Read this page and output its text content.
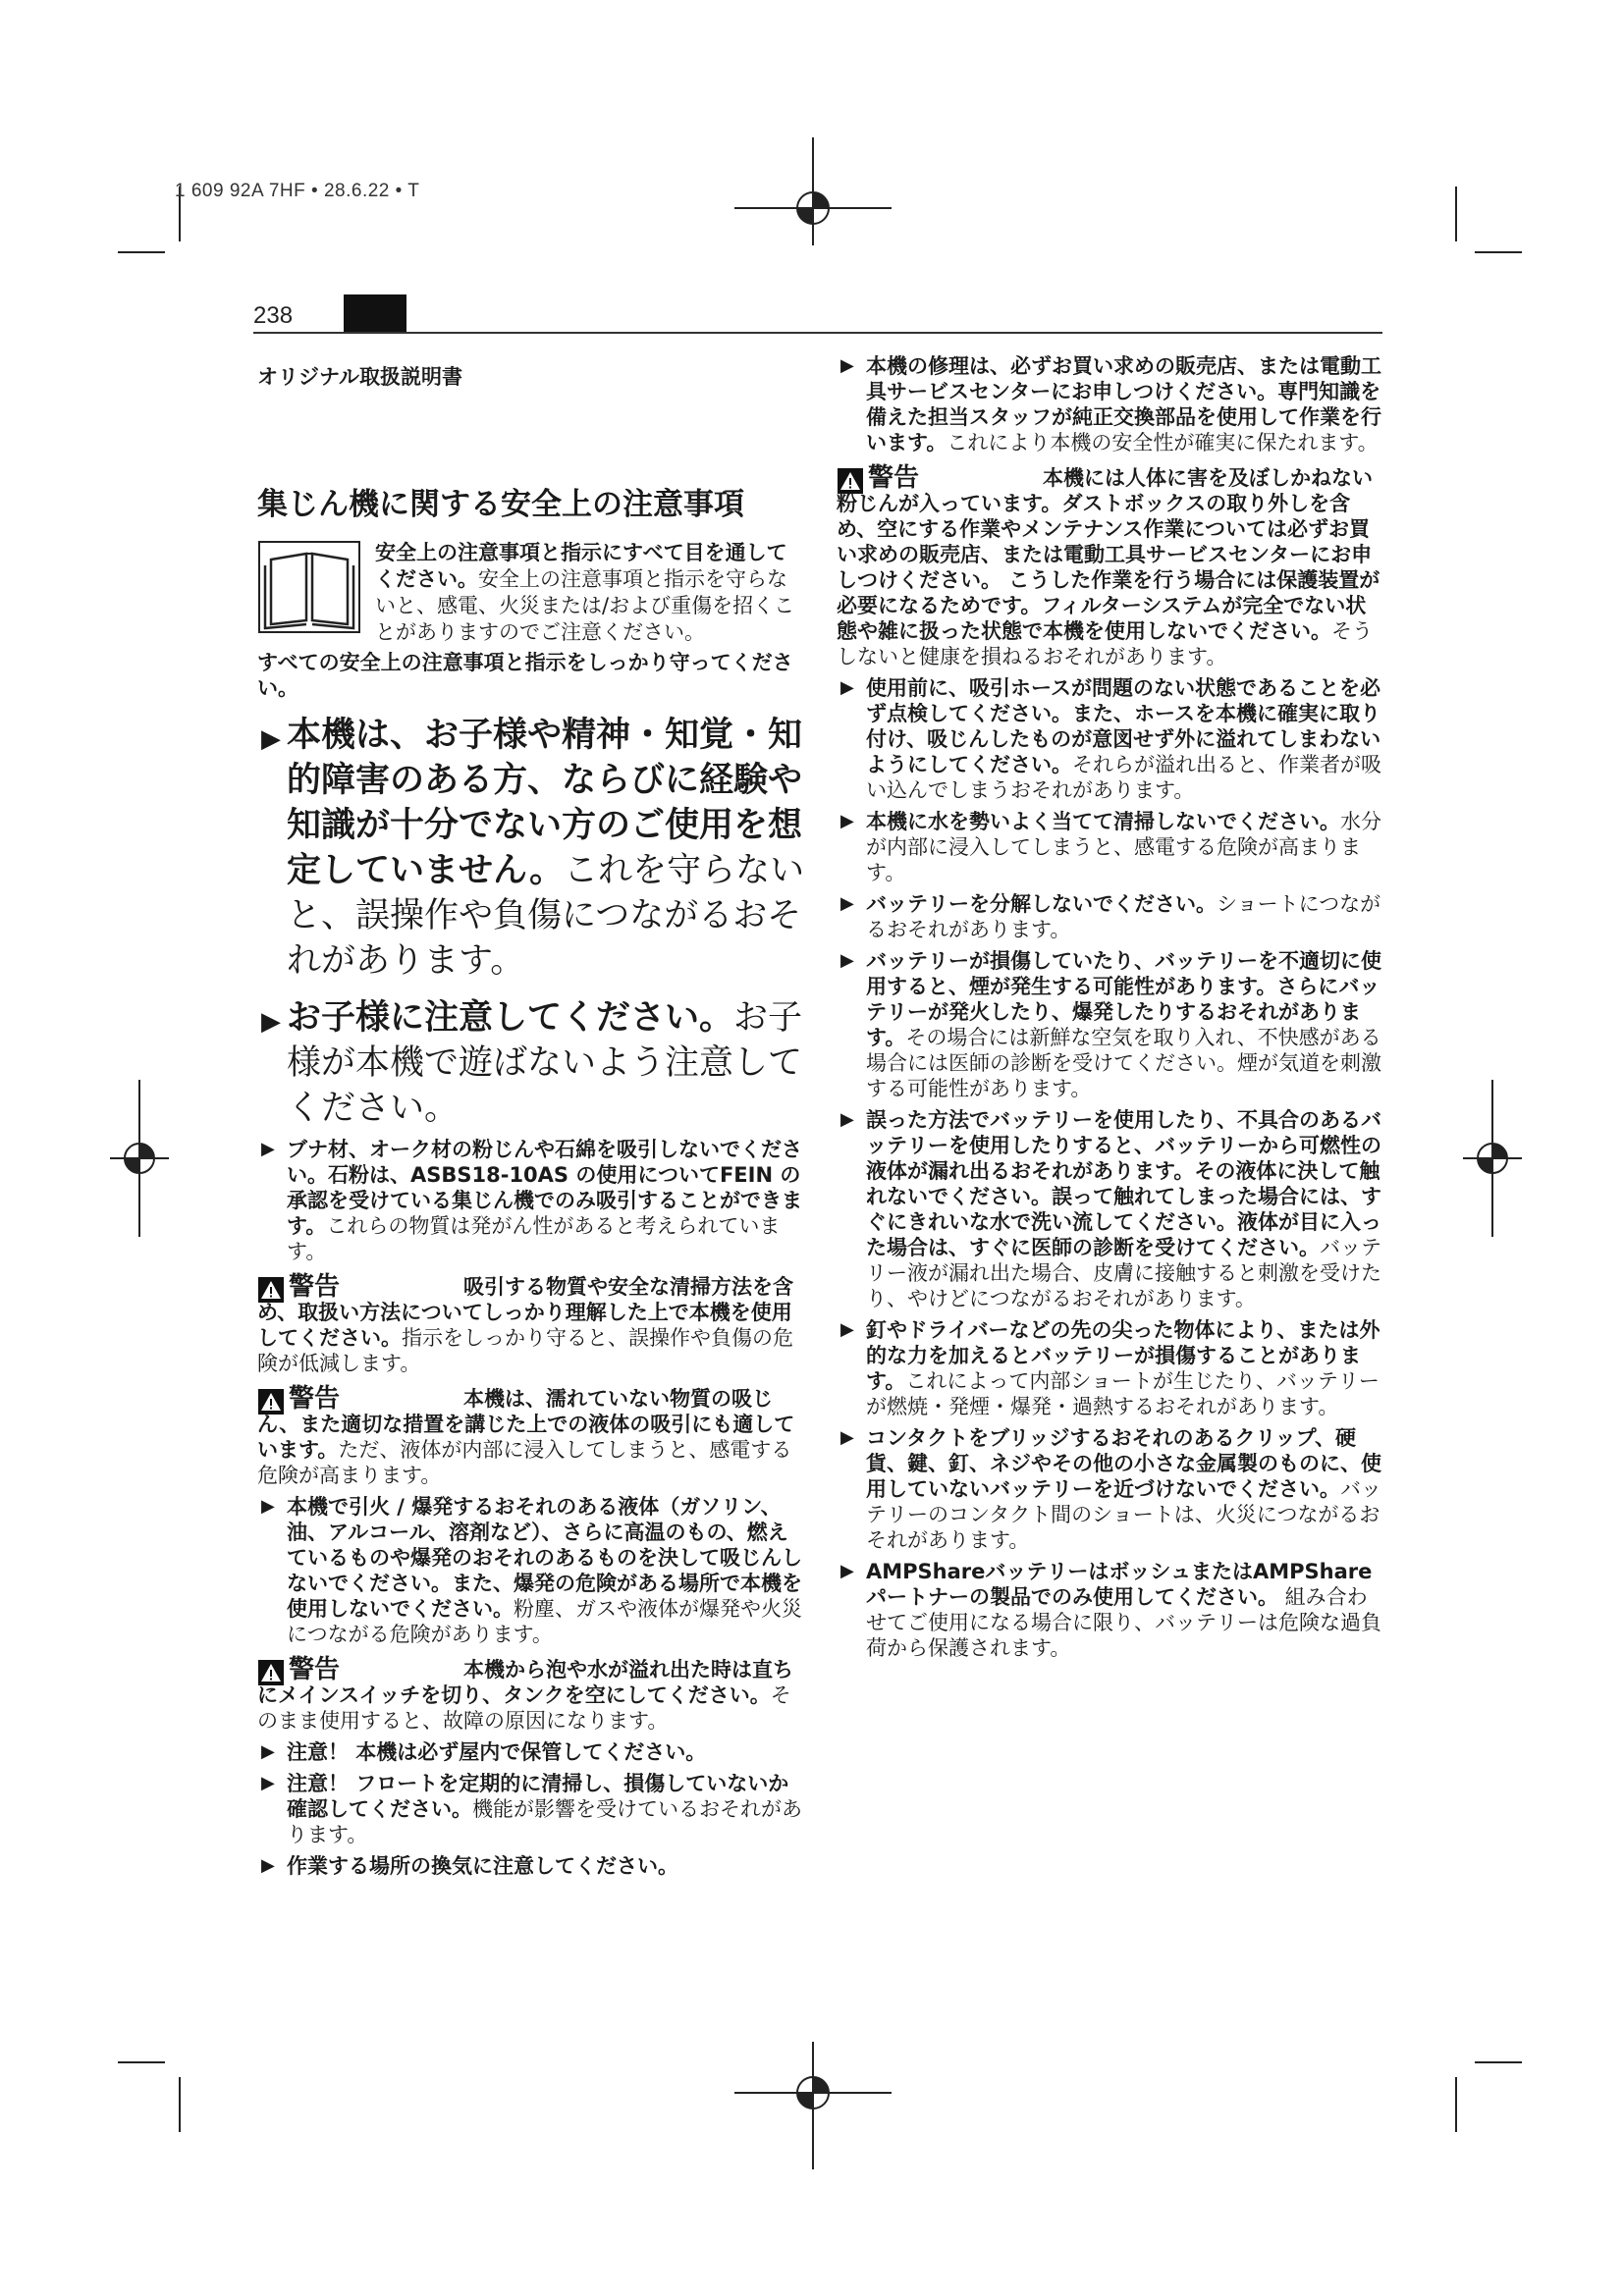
1 609 92A 7HF • 28.6.22 • T
238

オリジナル取扱説明書

集じん機に関する安全上の注意事項

安全上の注意事項と指示にすべて目を通してください。安全上の注意事項と指示を守らないと、感電、火災または/および重傷を招くことがありますのでご注意ください。

すべての安全上の注意事項と指示をしっかり守ってください。

▶ 本機は、お子様や精神・知覚・知的障害のある方、ならびに経験や知識が十分でない方のご使用を想定していません。これを守らないと、誤操作や負傷につながるおそれがあります。
▶ お子様に注意してください。お子様が本機で遊ばないよう注意してください。
▶ ブナ材、オーク材の粉じんや石綿を吸引しないでください。石粉は、ASBS18-10AS の使用についてFEIN の承認を受けている集じん機でのみ吸引することができます。これらの物質は発がん性があると考えられています。
警告	吸引する物質や安全な清掃方法を含め、取扱い方法についてしっかり理解した上で本機を使用してください。指示をしっかり守ると、誤操作や負傷の危険が低減します。

警告	本機は、濡れていない物質の吸じん、また適切な措置を講じた上での液体の吸引にも適しています。ただ、液体が内部に浸入してしまうと、感電する危険が高まります。

▶ 本機で引火 / 爆発するおそれのある液体（ガソリン、油、アルコール、溶剤など）、さらに高温のもの、燃えているものや爆発のおそれのあるものを決して吸じんしないでください。また、爆発の危険がある場所で本機を使用しないでください。粉塵、ガスや液体が爆発や火災につながる危険があります。
警告	本機から泡や水が溢れ出た時は直ちにメインスイッチを切り、タンクを空にしてください。そのまま使用すると、故障の原因になります。

▶ 注意！ 本機は必ず屋内で保管してください。
▶ 注意！ フロートを定期的に清掃し、損傷していないか確認してください。機能が影響を受けているおそれがあります。
▶ 作業する場所の換気に注意してください。
▶ 本機の修理は、必ずお買い求めの販売店、または電動工具サービスセンターにお申しつけください。専門知識を備えた担当スタッフが純正交換部品を使用して作業を行います。これにより本機の安全性が確実に保たれます。
警告	本機には人体に害を及ぼしかねない粉じんが入っています。ダストボックスの取り外しを含め、空にする作業やメンテナンス作業については必ずお買い求めの販売店、または電動工具サービスセンターにお申しつけください。 こうした作業を行う場合には保護装置が必要になるためです。フィルターシステムが完全でない状態や雑に扱った状態で本機を使用しないでください。そうしないと健康を損ねるおそれがあります。

▶ 使用前に、吸引ホースが問題のない状態であることを必ず点検してください。また、ホースを本機に確実に取り付け、吸じんしたものが意図せず外に溢れてしまわないようにしてください。それらが溢れ出ると、作業者が吸い込んでしまうおそれがあります。
▶ 本機に水を勢いよく当てて清掃しないでください。水分が内部に浸入してしまうと、感電する危険が高まります。
▶ バッテリーを分解しないでください。ショートにつながるおそれがあります。
▶ バッテリーが損傷していたり、バッテリーを不適切に使用すると、煙が発生する可能性があります。さらにバッテリーが発火したり、爆発したりするおそれがあります。その場合には新鮮な空気を取り入れ、不快感がある場合には医師の診断を受けてください。煙が気道を刺激する可能性があります。
▶ 誤った方法でバッテリーを使用したり、不具合のあるバッテリーを使用したりすると、バッテリーから可燃性の液体が漏れ出るおそれがあります。その液体に決して触れないでください。誤って触れてしまった場合には、すぐにきれいな水で洗い流してください。液体が目に入った場合は、すぐに医師の診断を受けてください。バッテリー液が漏れ出た場合、皮膚に接触すると刺激を受けたり、やけどにつながるおそれがあります。
▶ 釘やドライバーなどの先の尖った物体により、または外的な力を加えるとバッテリーが損傷することがあります。これによって内部ショートが生じたり、バッテリーが燃焼・発煙・爆発・過熱するおそれがあります。
▶ コンタクトをブリッジするおそれのあるクリップ、硬貨、鍵、釘、ネジやその他の小さな金属製のものに、使用していないバッテリーを近づけないでください。バッテリーのコンタクト間のショートは、火災につながるおそれがあります。
▶ AMPShareバッテリーはボッシュまたはAMPShareパートナーの製品でのみ使用してください。 組み合わせてご使用になる場合に限り、バッテリーは危険な過負荷から保護されます。
